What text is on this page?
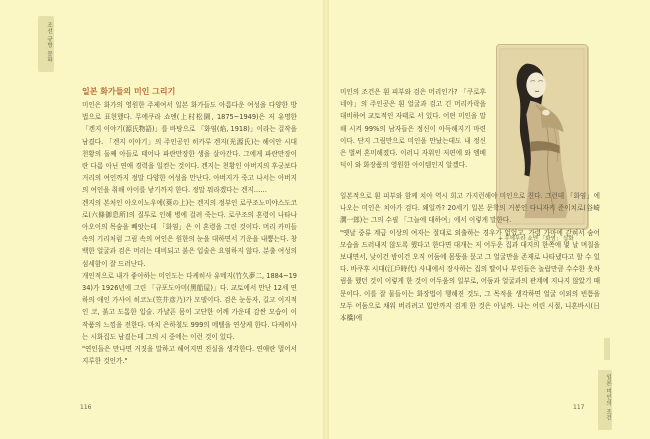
조선 규방 문화
일본 화가들의 미인 그리기

미인은 화가의 영원한 주제여서 일본 화가들도 아름다운 여성을 다양한 방법으로 표현했다. 무에쿠라 쇼엔(上村松園, 1875~1949)은 저 유명한 「겐지 이야기(源氏物語)」를 바탕으로 「화염(焰, 1918)」이라는 걸작을 남겼다. 「겐지 이야기」의 주인공인 히카루 겐지(光源氏)는 헤이안 시대 천황의 둘째 아들로 태어나 파란만장한 생을 살아간다. 그에게 파란만장이란 다름 아닌 연애 경력을 일컫는 것이다. 겐지는 천황인 아버지의 후궁보다 거리의 여인까지 정말 다양한 여성을 만난다. 아버지가 죽고 나서는 아버지의 여인을 취해 아이를 낳기까지 한다. 정말 뭐라겠다는 겐지……

겐지의 본처인 아오이노우에(葵の上)는 겐지의 정부인 로쿠조노미야스도코로(六條御息所)의 질투로 인해 병에 걸려 죽는다. 로쿠조의 혼령이 나타나 아오이의 목숨을 빼앗는데 「화염」은 이 혼령을 그린 것이다. 머리 카미들 속의 기리처럼 그림 속의 여인은 원한의 눈을 대하면서 기운을 내뿜는다. 창백한 얼굴과 검은 머리는 대비되고 붉은 입술은 요염하지 않다. 분출 여성의 섬세함이 잘 드러난다.

개인적으로 내가 좋아하는 미인도는 다케히사 유메지(竹久夢二, 1884~1934)가 1926년에 그린 「규포도아미(黑船屋)」다. 교토에서 만난 12세 연하의 애인 가사이 히코노(笠井彦乃)가 모델이다. 검은 눈동자, 길고 이지적인 코, 붉고 도톰한 입술. 가냘픈 몸이 고단한 어깨 가운데 감싼 모습이 이 작품의 느낌을 전한다. 마치 은하철도 999의 메텔을 연상케 한다. 다케히사는 시화집도 남겼는데 그의 시 중에는 이런 것이 있다.

"연인들은 만나면 거짓을 말하고 헤어지면 진실을 생각한다. 연애란 멀어서 지루한 것인가."

116

미인의 조건은 흰 피부와 검은 머리인가? 「쿠로후네야」의 주인공은 흰 얼굴과 검고 긴 머리카락을 대비하여 교토적인 자태로 서 있다. 어떤 미인을 말해 시켜 99%의 남자들은 정신이 아득해지기 마련이다. 단지 그림만으로 미인을 만났는데도 내 정신은 벌써 혼미해졌다. 이러니 자위인 저편에 와 엠베덕이 와 화장품의 영원한 아이템인지 알겠다.

+ 우에무라 쇼엔 「화염」 삽화

일본적으로 흰 피부와 함께 치아 역시 희고 가지런해야 미인으로 친다. 그런데 「화염」에 나오는 미인은 치아가 검다. 왜일까? 20세기 일본 문학의 거봉인 다니자키 준이치로(谷崎潤一郎)는 그의 수필 「그늘에 대하여」에서 이렇게 말한다.

"옛날 중류 계급 이상의 여자는 절대로 외출하는 경우가 없었고, 가령 가마에 갇혀서 숨어 모습을 드러내지 않도록 했다고 한다면 대개는 저 어두운 집과 대지의 한쪽에 몇 날 며칠을 보내면서, 낮이건 밤이건 오직 어둠에 몸뚱을 묻고 그 얼굴만을 존재로 나타냈다고 할 수 있다. 바쿠후 시대(江戶時代) 사내에서 장사하는 집의 딸이나 부인들은 놀랍만큼 수수한 옷차림을 했던 것이 이렇게 한 것이 어두움의 일부로, 어둠과 얼굴과의 관계에 지나지 않았기 때문이다. 이를 잘 물들이는 화장법이 행해진 것도, 그 목적을 생각하면 얼굴 이외의 빈틈을 모두 어둠으로 채워 버리려고 입안까지 검게 한 것은 아닐까. 나는 어린 시절, 니혼바시(日本橋)에

일본 미인의 조건
117
